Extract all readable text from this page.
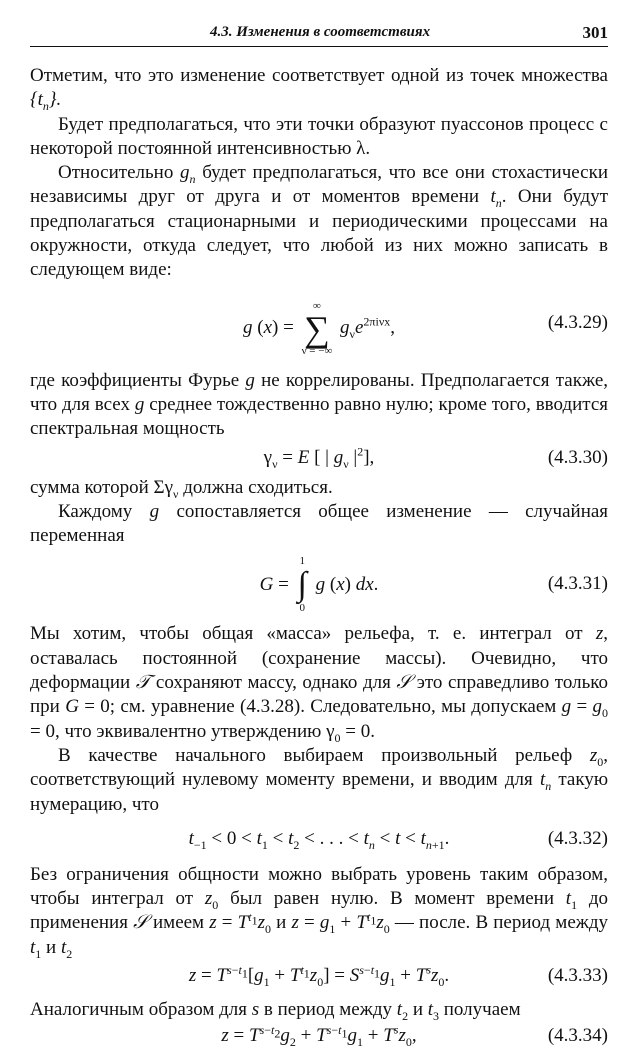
4.3. Изменения в соответствиях	301

Отметим, что это изменение соответствует одной из точек множества $\{t_n\}$.

Будет предполагаться, что эти точки образуют пуассонов процесс с некоторой постоянной интенсивностью λ.

Относительно $g_n$ будет предполагаться, что все они стохастически независимы друг от друга и от моментов времени $t_n$. Они будут предполагаться стационарными и периодическими процессами на окружности, откуда следует, что любой из них можно записать в следующем виде:

g (x) =
∞
∑
ν = −∞
$g_\nu e^{2\pi i\nu x}$,	(4.3.29)

где коэффициенты Фурье g не коррелированы. Предполагается также, что для всех g среднее тождественно равно нулю; кроме того, вводится спектральная мощность

$\gamma_\nu = E$ [ | $g_\nu$ $|^2$],	(4.3.30)

сумма которой $\Sigma\gamma_\nu$ должна сходиться.

Каждому g сопоставляется общее изменение — случайная переменная

G =
1
∫
0
g (x) dx.	(4.3.31)

Мы хотим, чтобы общая «масса» рельефа, т. е. интеграл от z, оставалась постоянной (сохранение массы). Очевидно, что деформации 𝒯 сохраняют массу, однако для 𝒮 это справедливо только при G = 0; см. уравнение (4.3.28). Следовательно, мы допускаем $g = g_0 = 0$, что эквивалентно утверждению $\gamma_0 = 0$.

В качестве начального выбираем произвольный рельеф $z_0$, соответствующий нулевому моменту времени, и вводим для $t_n$ такую нумерацию, что

$t_{-1} < 0 < t_1 < t_2$ < . . . < $t_n < t < t_{n+1}$.	(4.3.32)

Без ограничения общности можно выбрать уровень таким образом, чтобы интеграл от $z_0$ был равен нулю. В момент времени $t_1$ до применения 𝒮 имеем $z = T^{t_1}z_0$ и $z = g_1 + T^{t_1}z_0$ — после. В период между $t_1$ и $t_2$

$z = T^{s-t_1}[g_1 + T^{t_1}z_0] = S^{s-t_1}g_1 + T^sz_0$.	(4.3.33)

Аналогичным образом для s в период между $t_2$ и $t_3$ получаем

$z = T^{s-t_2}g_2 + T^{s-t_1}g_1 + T^sz_0$,	(4.3.34)
